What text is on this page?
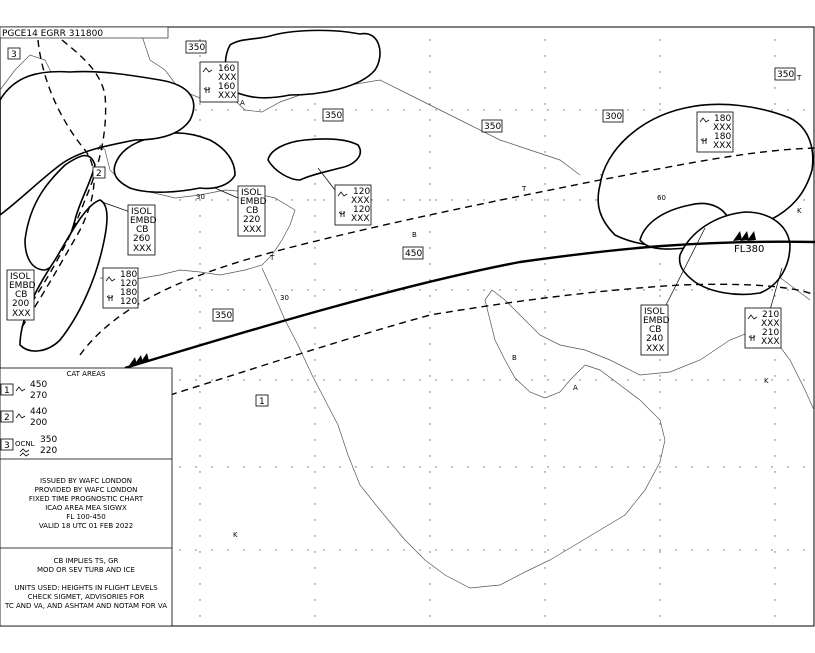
FL380
30
30
60
PGCE14 EGRR 311800
3
2
1
350
350
350
350
300
350
450
A
A
T
T
B
B
T
K
K
A
K
160
XXX
160
XXX
ISOL
EMBD
CB
220
XXX
120
XXX
120
XXX
ISOL
EMBD
CB
260
XXX
ISOL
EMBD
CB
200
XXX
180
120
180
120
180
XXX
180
XXX
ISOL
EMBD
CB
240
XXX
210
XXX
210
XXX
CAT AREAS
1
450
270
2
440
200
3 OCNL 350
220
ISSUED BY WAFC LONDON
PROVIDED BY WAFC LONDON
FIXED TIME PROGNOSTIC CHART
ICAO AREA MEA SIGWX
FL 100-450
VALID 18 UTC 01 FEB 2022
CB IMPLIES TS, GR
MOD OR SEV TURB AND ICE
UNITS USED: HEIGHTS IN FLIGHT LEVELS
CHECK SIGMET, ADVISORIES FOR
TC AND VA, AND ASHTAM AND NOTAM FOR VA
